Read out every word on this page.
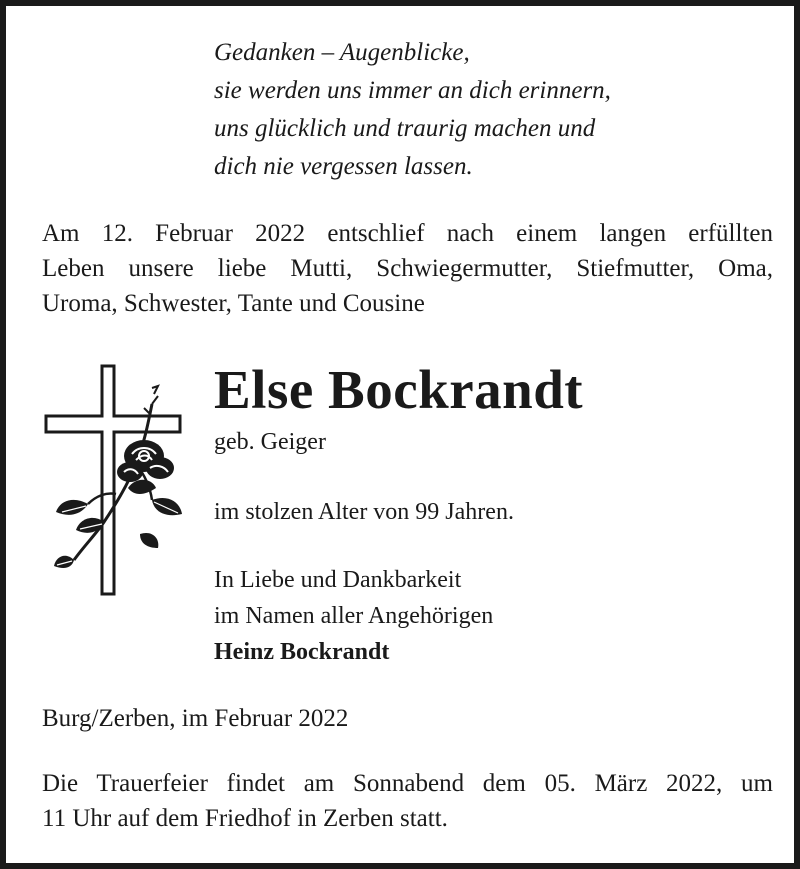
Gedanken – Augenblicke,
sie werden uns immer an dich erinnern,
uns glücklich und traurig machen und
dich nie vergessen lassen.
Am 12. Februar 2022 entschlief nach einem langen erfüllten
Leben unsere liebe Mutti, Schwiegermutter, Stiefmutter, Oma,
Uroma, Schwester, Tante und Cousine
Else Bockrandt
geb. Geiger
im stolzen Alter von 99 Jahren.
In Liebe und Dankbarkeit
im Namen aller Angehörigen
Heinz Bockrandt
Burg/Zerben, im Februar 2022
Die Trauerfeier findet am Sonnabend dem 05. März 2022, um
11 Uhr auf dem Friedhof in Zerben statt.
